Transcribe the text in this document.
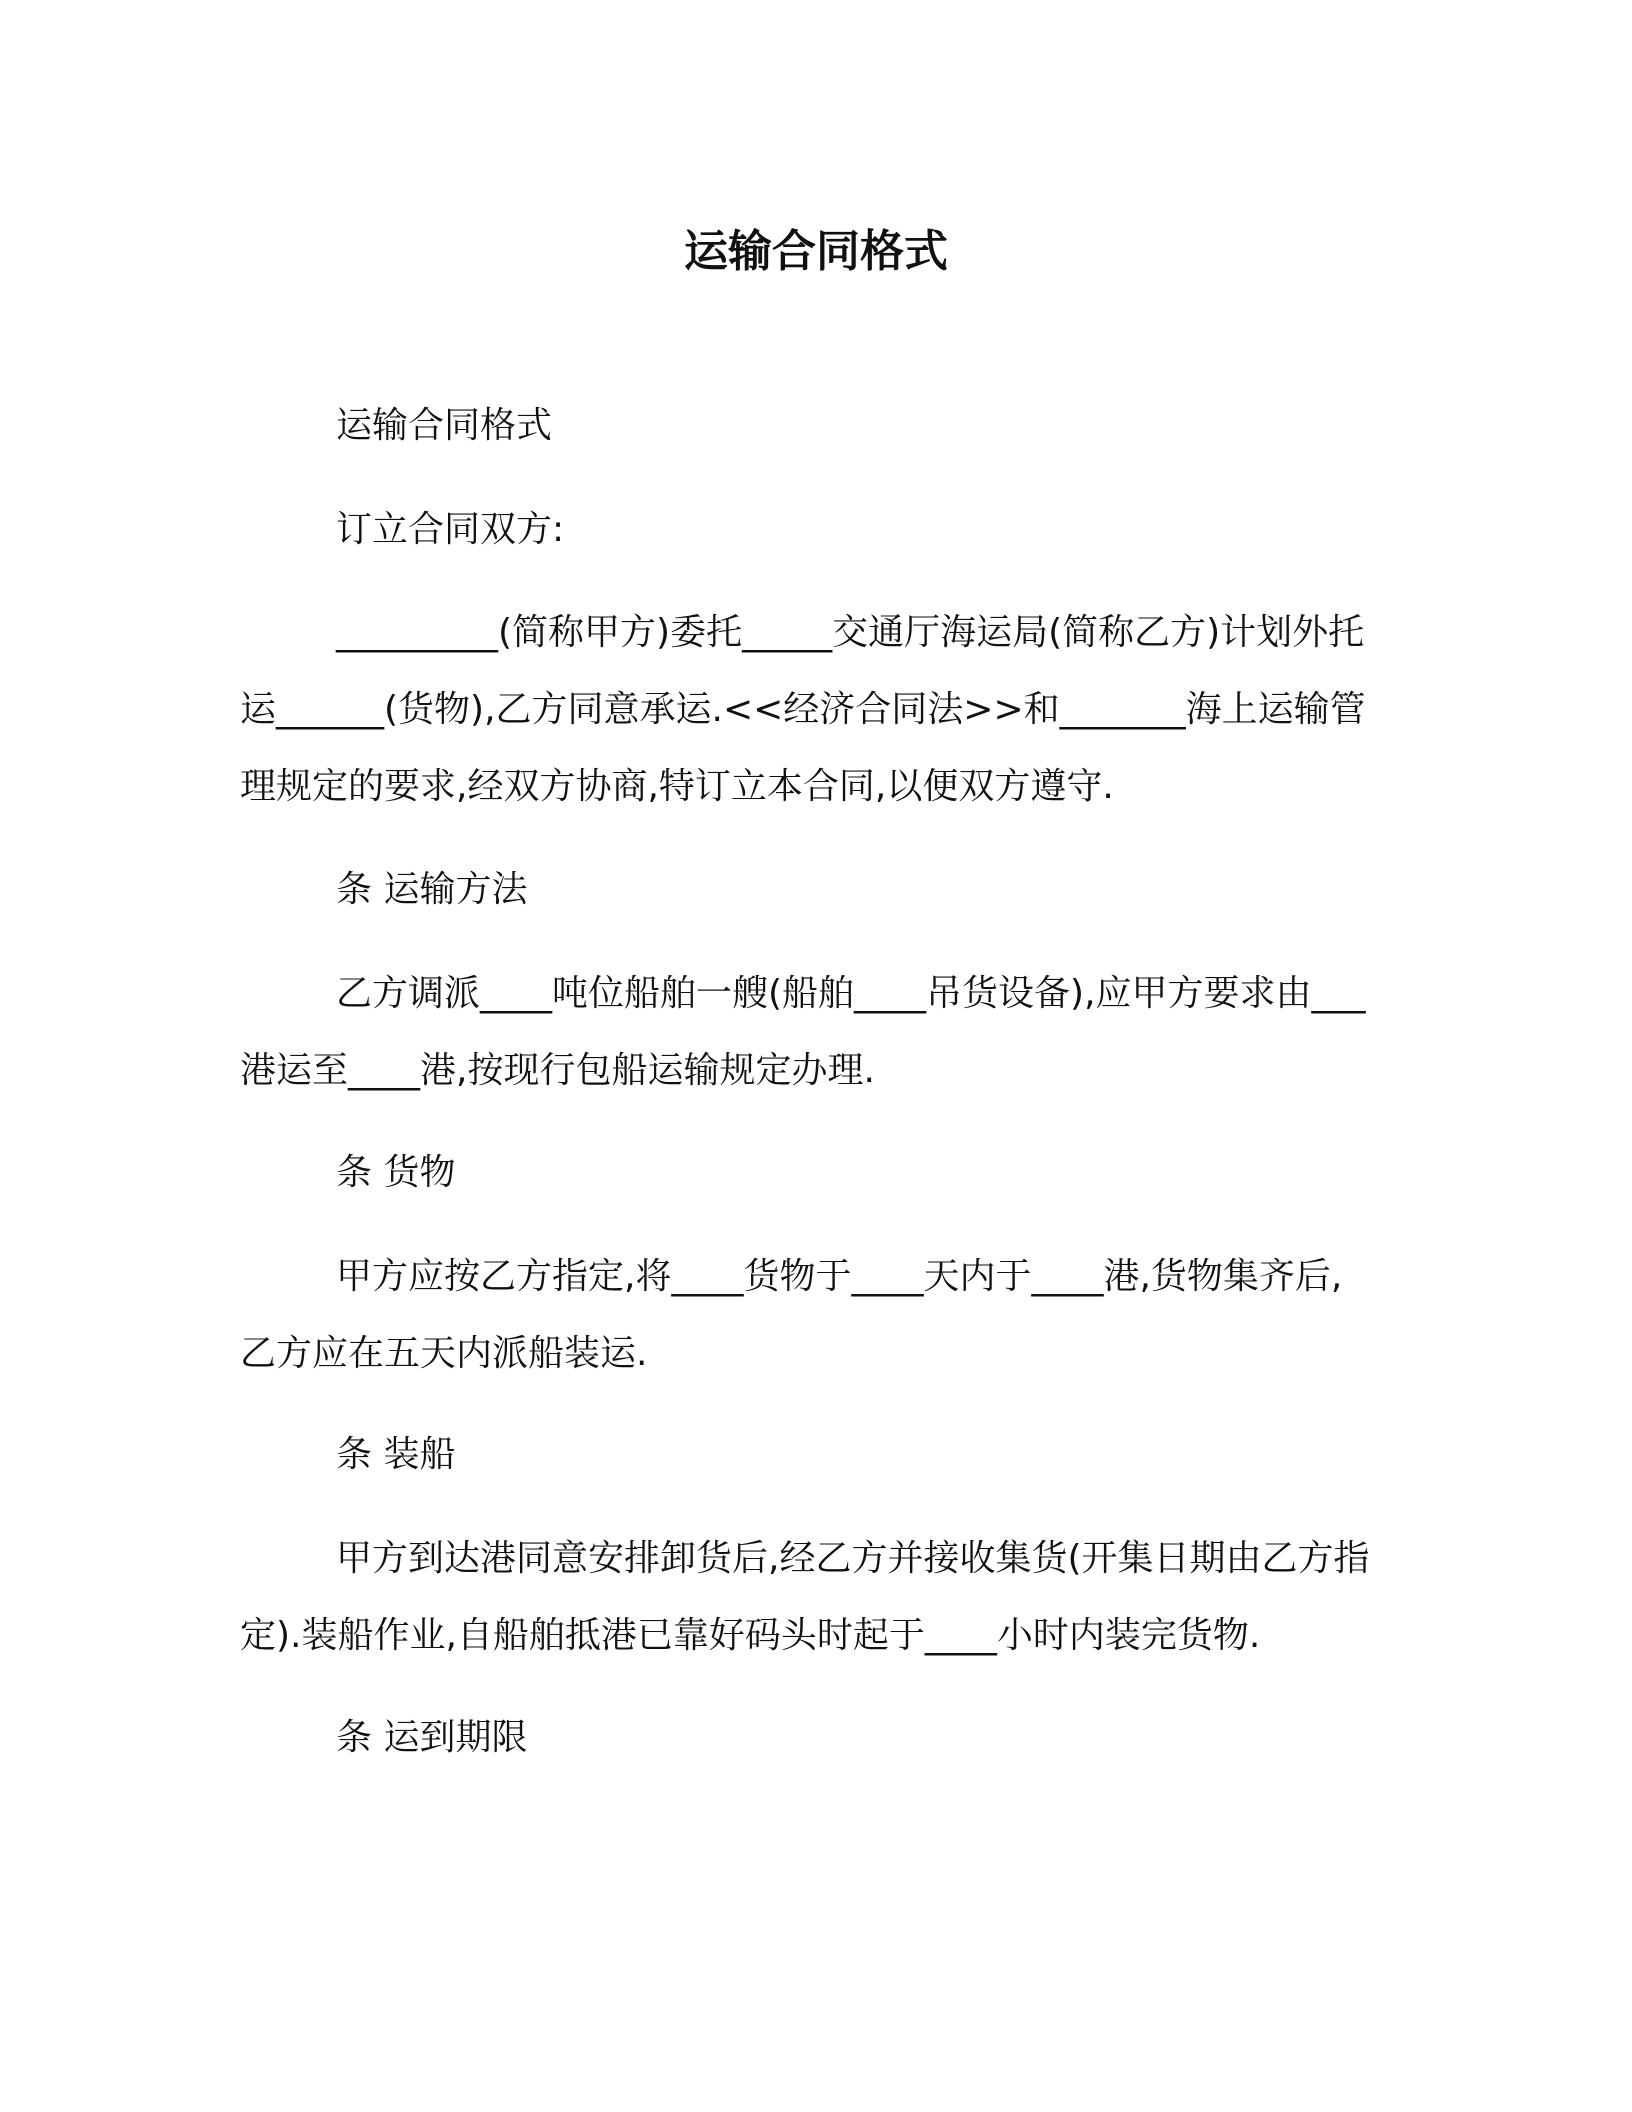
运输合同格式

运输合同格式

订立合同双方:

_________(简称甲方)委托_____交通厅海运局(简称乙方)计划外托运______(货物),乙方同意承运.<<经济合同法>>和_______海上运输管理规定的要求,经双方协商,特订立本合同,以便双方遵守.

条 运输方法

乙方调派____吨位船舶一艘(船舶____吊货设备),应甲方要求由___港运至____港,按现行包船运输规定办理.

条 货物

甲方应按乙方指定,将____货物于____天内于____港,货物集齐后,乙方应在五天内派船装运.

条 装船

甲方到达港同意安排卸货后,经乙方并接收集货(开集日期由乙方指定).装船作业,自船舶抵港已靠好码头时起于____小时内装完货物.

条 运到期限
